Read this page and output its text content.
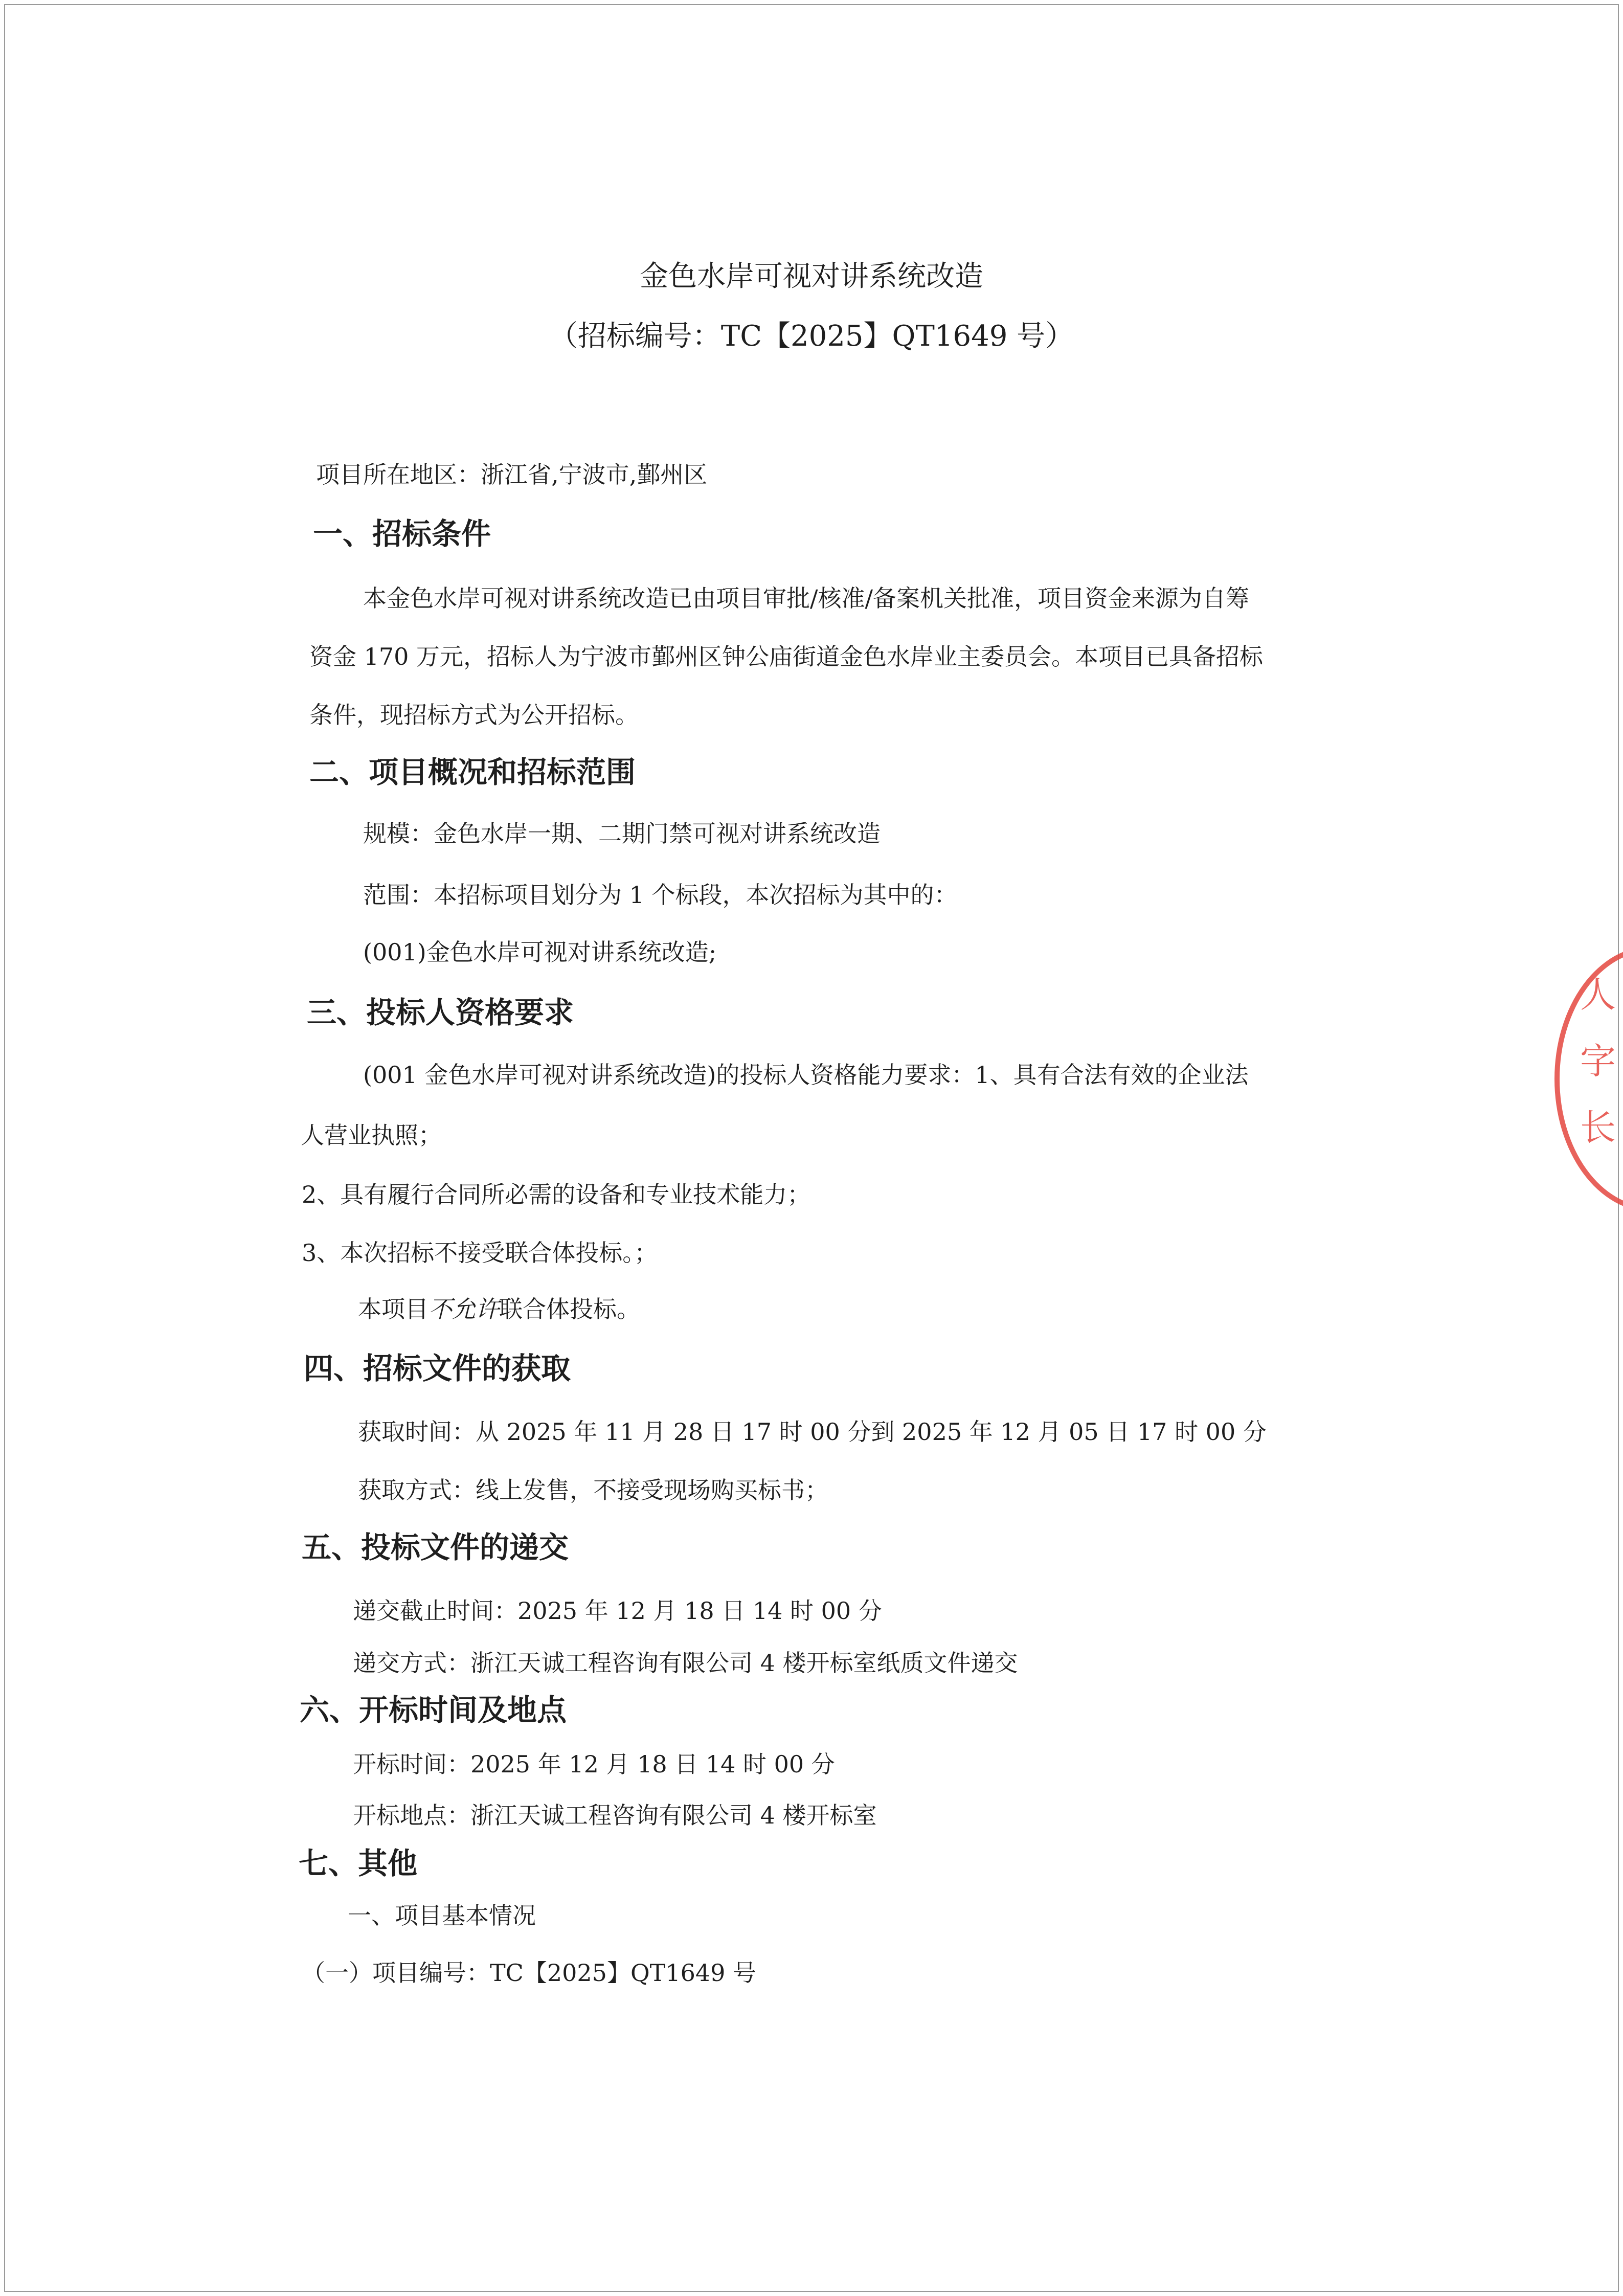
金色水岸可视对讲系统改造
（招标编号：TC【2025】QT1649 号）
项目所在地区：浙江省,宁波市,鄞州区
一、招标条件
本金色水岸可视对讲系统改造已由项目审批/核准/备案机关批准，项目资金来源为自筹
资金 170 万元，招标人为宁波市鄞州区钟公庙街道金色水岸业主委员会。本项目已具备招标
条件，现招标方式为公开招标。
二、项目概况和招标范围
规模：金色水岸一期、二期门禁可视对讲系统改造
范围：本招标项目划分为 1 个标段，本次招标为其中的：
(001)金色水岸可视对讲系统改造;
三、投标人资格要求
(001 金色水岸可视对讲系统改造)的投标人资格能力要求：1、具有合法有效的企业法
人营业执照；
2、具有履行合同所必需的设备和专业技术能力；
3、本次招标不接受联合体投标。；
本项目不允许联合体投标。
四、招标文件的获取
获取时间：从 2025 年 11 月 28 日 17 时 00 分到 2025 年 12 月 05 日 17 时 00 分
获取方式：线上发售，不接受现场购买标书；
五、投标文件的递交
递交截止时间：2025 年 12 月 18 日 14 时 00 分
递交方式：浙江天诚工程咨询有限公司 4 楼开标室纸质文件递交
六、开标时间及地点
开标时间：2025 年 12 月 18 日 14 时 00 分
开标地点：浙江天诚工程咨询有限公司 4 楼开标室
七、其他
一、项目基本情况
（一）项目编号：TC【2025】QT1649 号
人
字
长
